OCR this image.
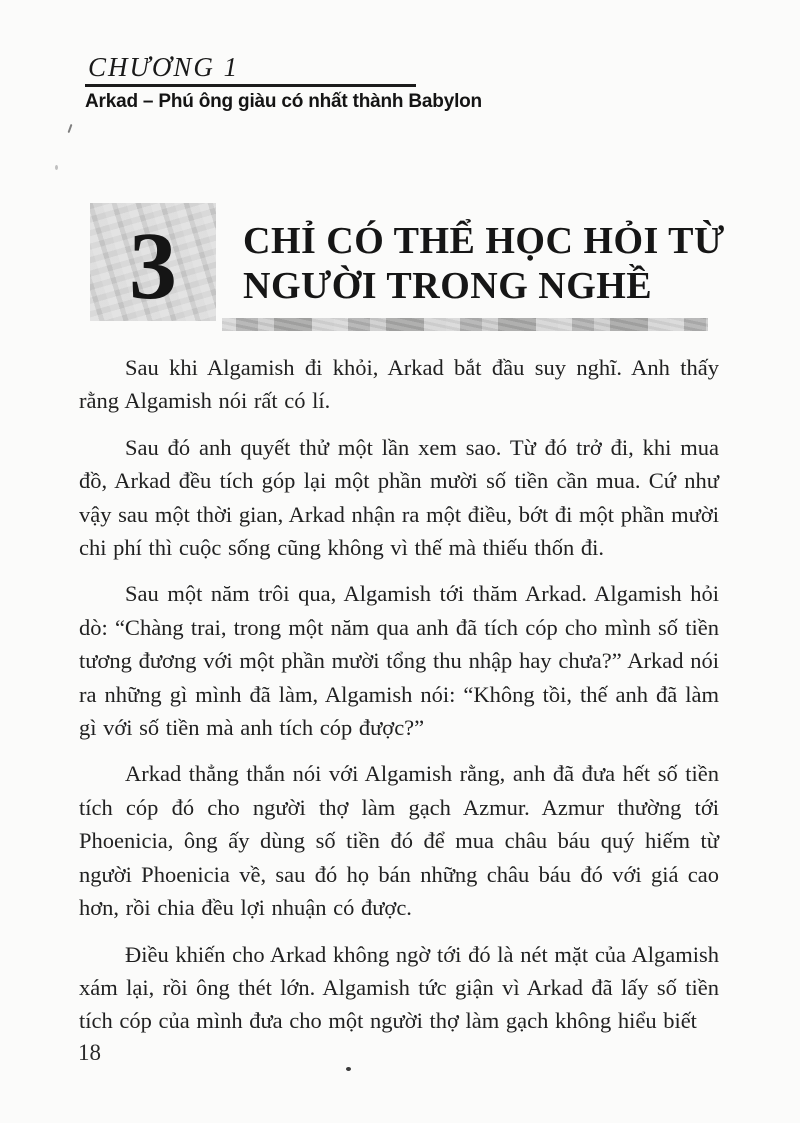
CHƯƠNG 1
Arkad – Phú ông giàu có nhất thành Babylon
3 CHỈ CÓ THỂ HỌC HỎI TỪ
NGƯỜI TRONG NGHỀ

Sau khi Algamish đi khỏi, Arkad bắt đầu suy nghĩ. Anh thấy rằng Algamish nói rất có lí.

Sau đó anh quyết thử một lần xem sao. Từ đó trở đi, khi mua đồ, Arkad đều tích góp lại một phần mười số tiền cần mua. Cứ như vậy sau một thời gian, Arkad nhận ra một điều, bớt đi một phần mười chi phí thì cuộc sống cũng không vì thế mà thiếu thốn đi.

Sau một năm trôi qua, Algamish tới thăm Arkad. Algamish hỏi dò: “Chàng trai, trong một năm qua anh đã tích cóp cho mình số tiền tương đương với một phần mười tổng thu nhập hay chưa?” Arkad nói ra những gì mình đã làm, Algamish nói: “Không tồi, thế anh đã làm gì với số tiền mà anh tích cóp được?”

Arkad thẳng thắn nói với Algamish rằng, anh đã đưa hết số tiền tích cóp đó cho người thợ làm gạch Azmur. Azmur thường tới Phoenicia, ông ấy dùng số tiền đó để mua châu báu quý hiếm từ người Phoenicia về, sau đó họ bán những châu báu đó với giá cao hơn, rồi chia đều lợi nhuận có được.

Điều khiến cho Arkad không ngờ tới đó là nét mặt của Algamish xám lại, rồi ông thét lớn. Algamish tức giận vì Arkad đã lấy số tiền tích cóp của mình đưa cho một người thợ làm gạch không hiểu biết

18
